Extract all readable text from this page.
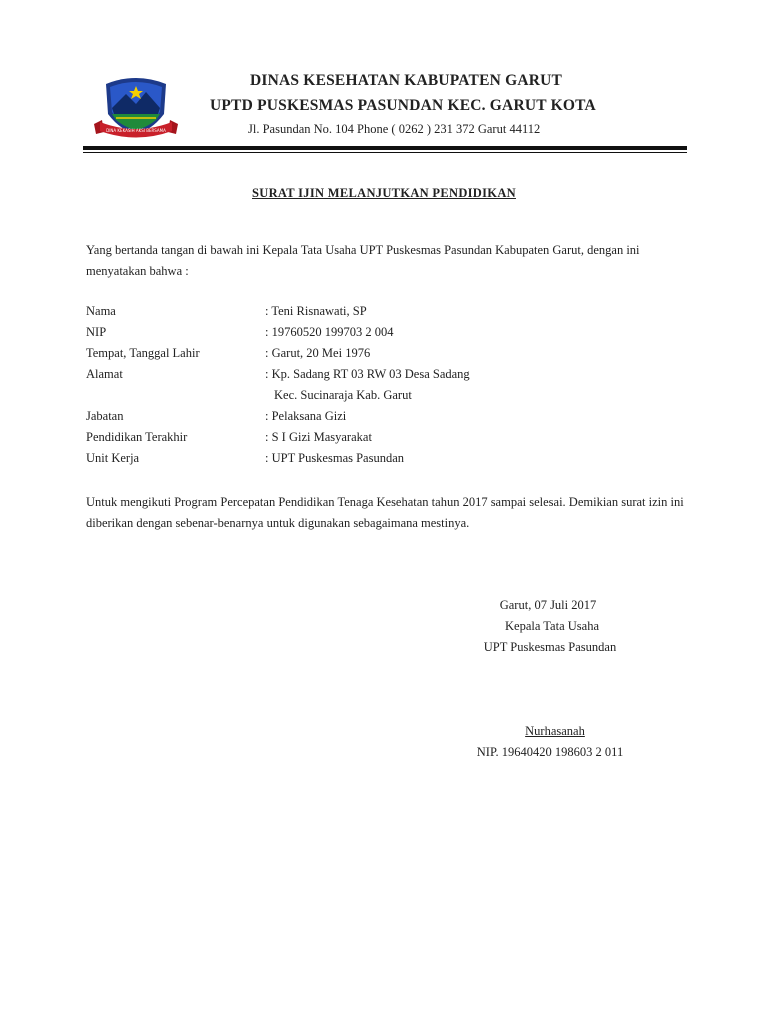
DINA KEKASIH AKSI BERSAMA
DINAS KESEHATAN KABUPATEN GARUT
UPTD PUSKESMAS PASUNDAN KEC. GARUT KOTA
Jl. Pasundan No. 104 Phone ( 0262 ) 231 372 Garut 44112
SURAT IJIN MELANJUTKAN PENDIDIKAN
Yang bertanda tangan di bawah ini Kepala Tata Usaha UPT Puskesmas Pasundan Kabupaten Garut, dengan ini menyatakan bahwa :
Nama	: Teni Risnawati, SP
NIP	: 19760520 199703 2 004
Tempat, Tanggal Lahir	: Garut, 20 Mei 1976
Alamat	: Kp. Sadang RT 03 RW 03 Desa Sadang
Kec. Sucinaraja Kab. Garut
Jabatan	: Pelaksana Gizi
Pendidikan Terakhir	: S I Gizi Masyarakat
Unit Kerja	: UPT Puskesmas Pasundan
Untuk mengikuti Program Percepatan Pendidikan Tenaga Kesehatan tahun 2017 sampai selesai. Demikian surat izin ini diberikan dengan sebenar-benarnya untuk digunakan sebagaimana mestinya.
Garut, 07 Juli 2017
Kepala Tata Usaha
UPT Puskesmas Pasundan
Nurhasanah
NIP. 19640420 198603 2 011
